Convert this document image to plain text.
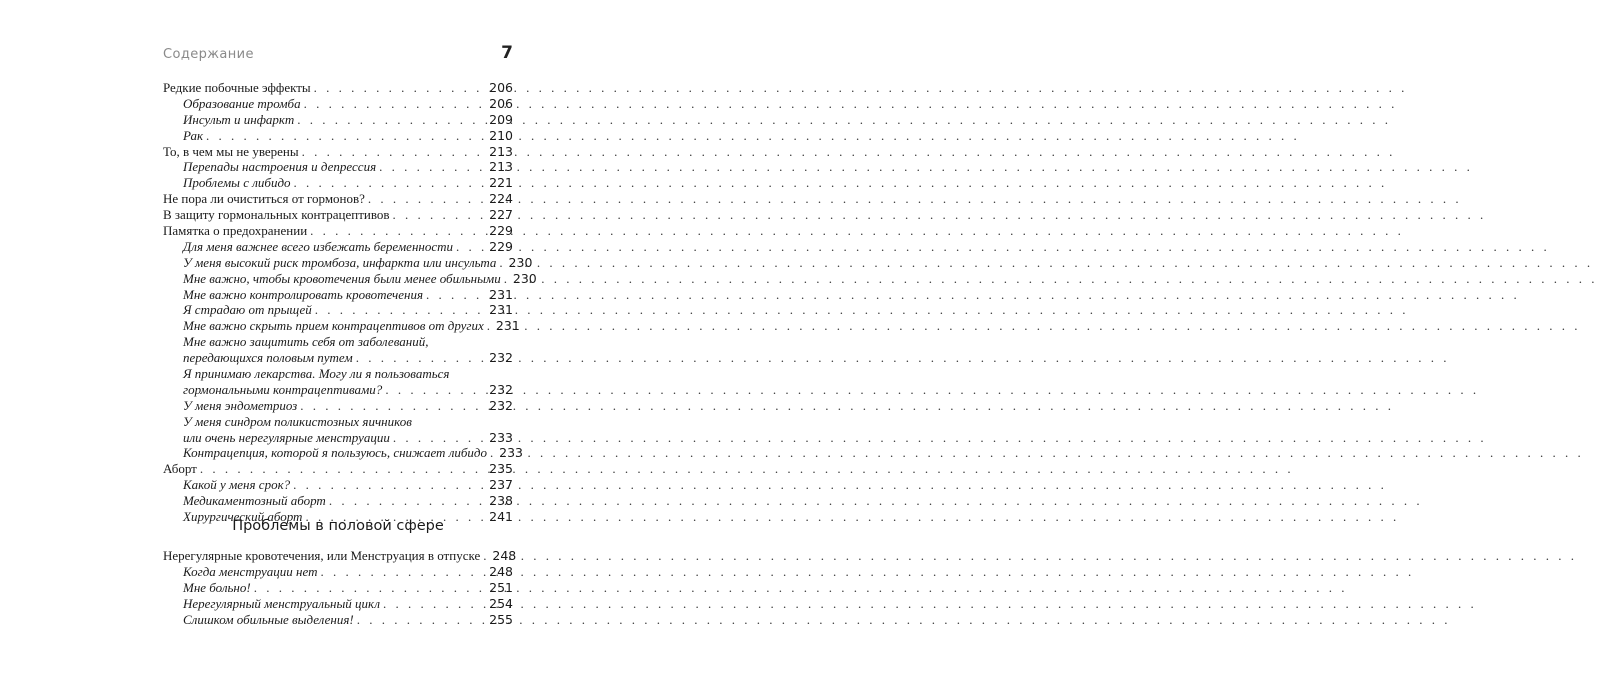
Содержание	7
Редкие побочные эффекты . . .	206
Образование тромба . . .	206
Инсульт и инфаркт . . .	209
Рак . . .	210
То, в чем мы не уверены . . .	213
Перепады настроения и депрессия . . .	213
Проблемы с либидо . . .	221
Не пора ли очиститься от гормонов? . . .	224
В защиту гормональных контрацептивов . . .	227
Памятка о предохранении . . .	229
Для меня важнее всего избежать беременности . . .	229
У меня высокий риск тромбоза, инфаркта или инсульта . . . 230
Мне важно, чтобы кровотечения были менее обильными . . . 230
Мне важно контролировать кровотечения . . .	231
Я страдаю от прыщей . . .	231
Мне важно скрыть прием контрацептивов от других . . . 231
Мне важно защитить себя от заболеваний,
передающихся половым путем . . .	232
Я принимаю лекарства. Могу ли я пользоваться
гормональными контрацептивами? . . .	232
У меня эндометриоз . . .	232
У меня синдром поликистозных яичников
или очень нерегулярные менструации . . .	233
Контрацепция, которой я пользуюсь, снижает либидо . . . 233
Аборт . . .	235
Какой у меня срок? . . .	237
Медикаментозный аборт . . .	238
Хирургический аборт . . .	241
Проблемы в половой сфере
Нерегулярные кровотечения, или Менструация в отпуске . . . 248
Когда менструации нет . . .	248
Мне больно! . . .	251
Нерегулярный менструальный цикл . . .	254
Слишком обильные выделения! . . .	255
